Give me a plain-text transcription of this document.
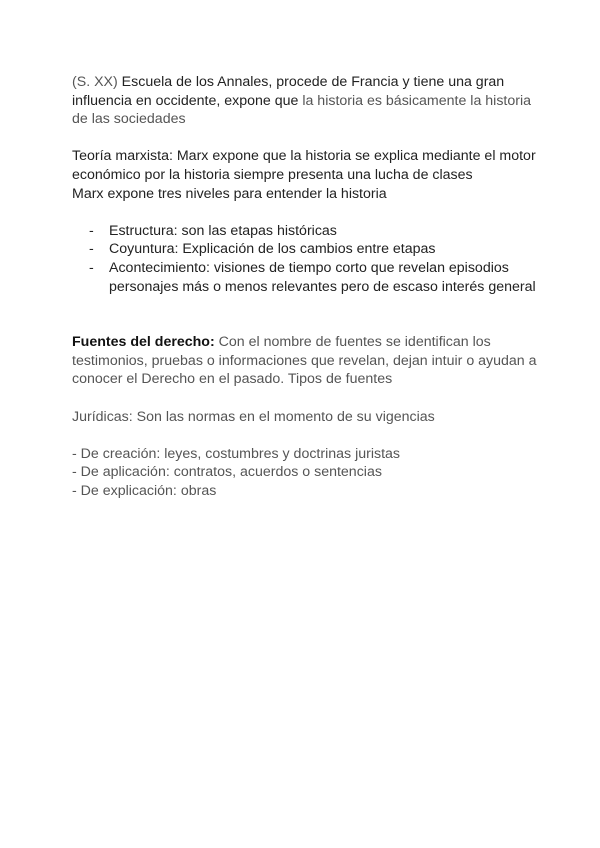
(S. XX) Escuela de los Annales, procede de Francia y tiene una gran influencia en occidente, expone que la historia es básicamente la historia de las sociedades

Teoría marxista: Marx expone que la historia se explica mediante el motor económico por la historia siempre presenta una lucha de clases

Marx expone tres niveles para entender la historia

- Estructura: son las etapas históricas
- Coyuntura: Explicación de los cambios entre etapas
- Acontecimiento: visiones de tiempo corto que revelan episodios personajes más o menos relevantes pero de escaso interés general

Fuentes del derecho: Con el nombre de fuentes se identifican los testimonios, pruebas o informaciones que revelan, dejan intuir o ayudan a conocer el Derecho en el pasado. Tipos de fuentes

Jurídicas: Son las normas en el momento de su vigencias

- De creación: leyes, costumbres y doctrinas juristas

- De aplicación: contratos, acuerdos o sentencias

- De explicación: obras
